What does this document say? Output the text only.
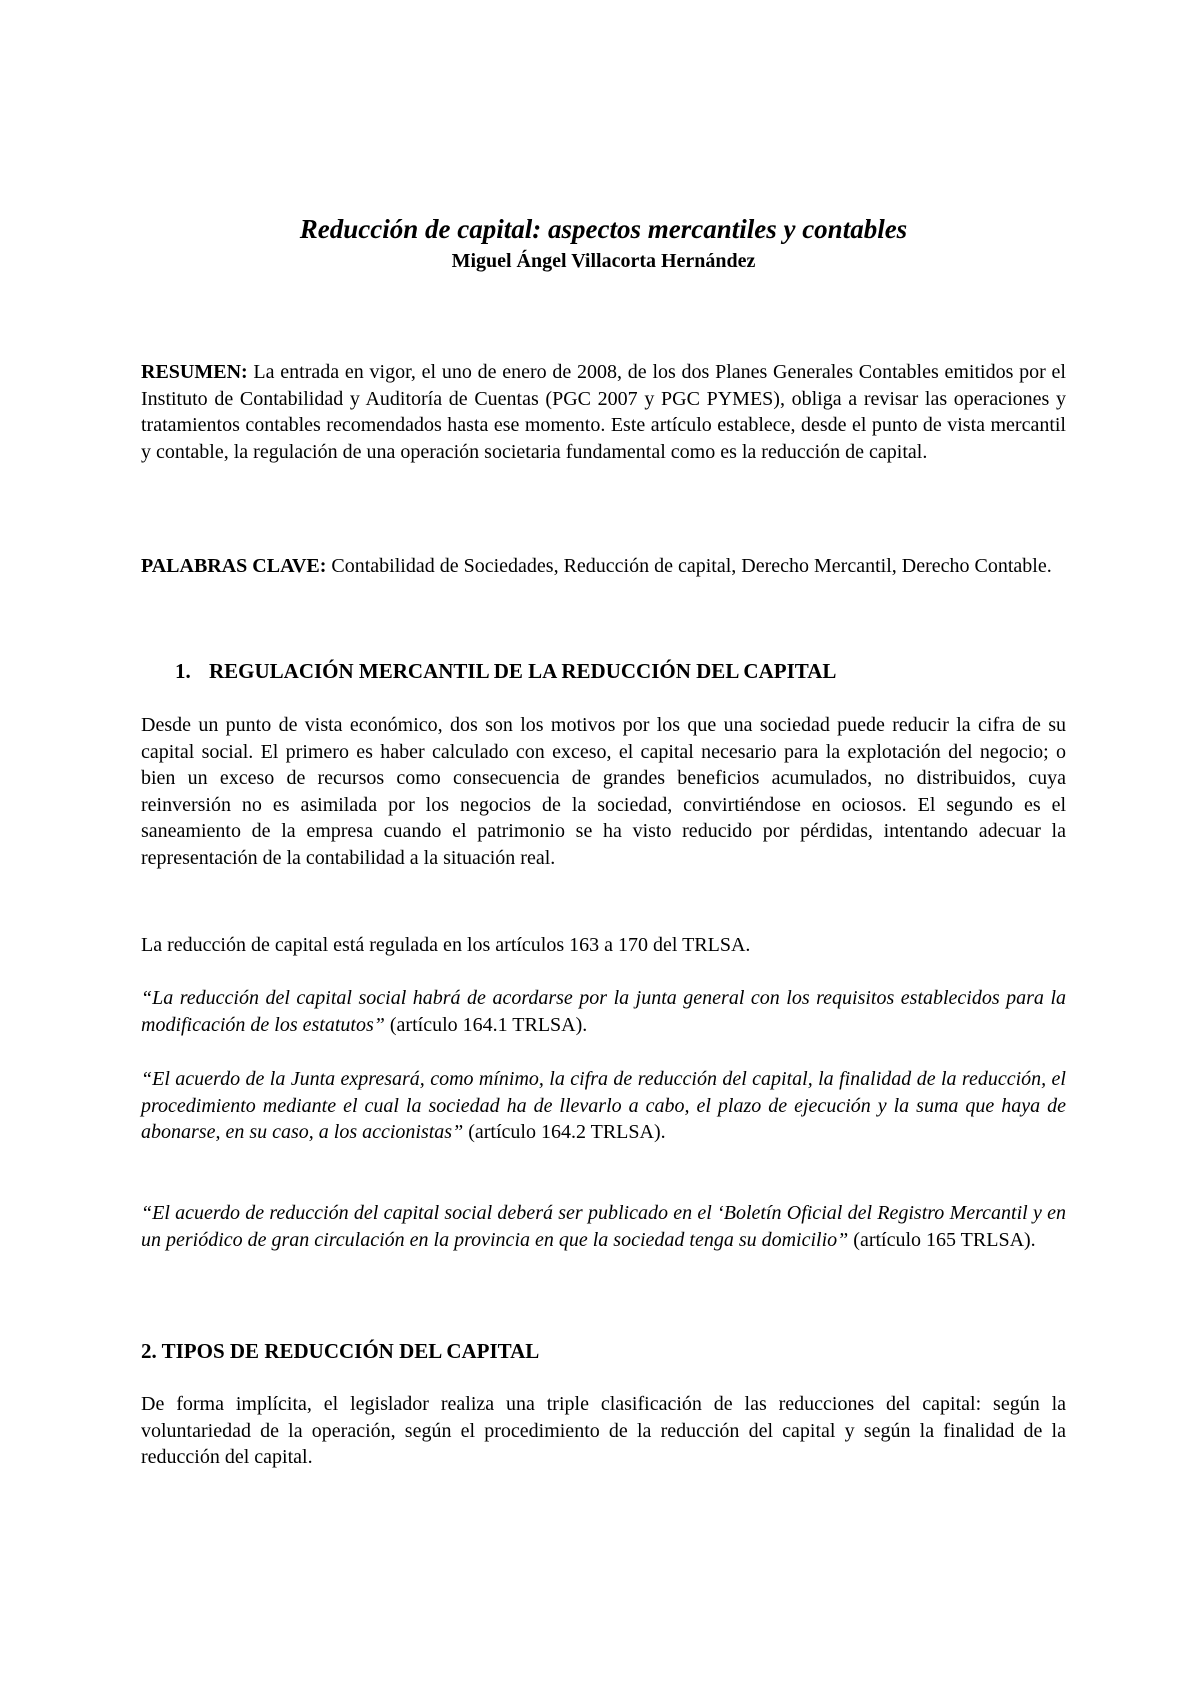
Reducción de capital: aspectos mercantiles y contables
Miguel Ángel Villacorta Hernández

RESUMEN: La entrada en vigor, el uno de enero de 2008, de los dos Planes Generales Contables emitidos por el Instituto de Contabilidad y Auditoría de Cuentas (PGC 2007 y PGC PYMES), obliga a revisar las operaciones y tratamientos contables recomendados hasta ese momento. Este artículo establece, desde el punto de vista mercantil y contable, la regulación de una operación societaria fundamental como es la reducción de capital.

PALABRAS CLAVE: Contabilidad de Sociedades, Reducción de capital, Derecho Mercantil, Derecho Contable.

1. REGULACIÓN MERCANTIL DE LA REDUCCIÓN DEL CAPITAL

Desde un punto de vista económico, dos son los motivos por los que una sociedad puede reducir la cifra de su capital social. El primero es haber calculado con exceso, el capital necesario para la explotación del negocio; o bien un exceso de recursos como consecuencia de grandes beneficios acumulados, no distribuidos, cuya reinversión no es asimilada por los negocios de la sociedad, convirtiéndose en ociosos. El segundo es el saneamiento de la empresa cuando el patrimonio se ha visto reducido por pérdidas, intentando adecuar la representación de la contabilidad a la situación real.

La reducción de capital está regulada en los artículos 163 a 170 del TRLSA.

“La reducción del capital social habrá de acordarse por la junta general con los requisitos establecidos para la modificación de los estatutos” (artículo 164.1 TRLSA).

“El acuerdo de la Junta expresará, como mínimo, la cifra de reducción del capital, la finalidad de la reducción, el procedimiento mediante el cual la sociedad ha de llevarlo a cabo, el plazo de ejecución y la suma que haya de abonarse, en su caso, a los accionistas” (artículo 164.2 TRLSA).

“El acuerdo de reducción del capital social deberá ser publicado en el ‘Boletín Oficial del Registro Mercantil y en un periódico de gran circulación en la provincia en que la sociedad tenga su domicilio” (artículo 165 TRLSA).

2. TIPOS DE REDUCCIÓN DEL CAPITAL

De forma implícita, el legislador realiza una triple clasificación de las reducciones del capital: según la voluntariedad de la operación, según el procedimiento de la reducción del capital y según la finalidad de la reducción del capital.
